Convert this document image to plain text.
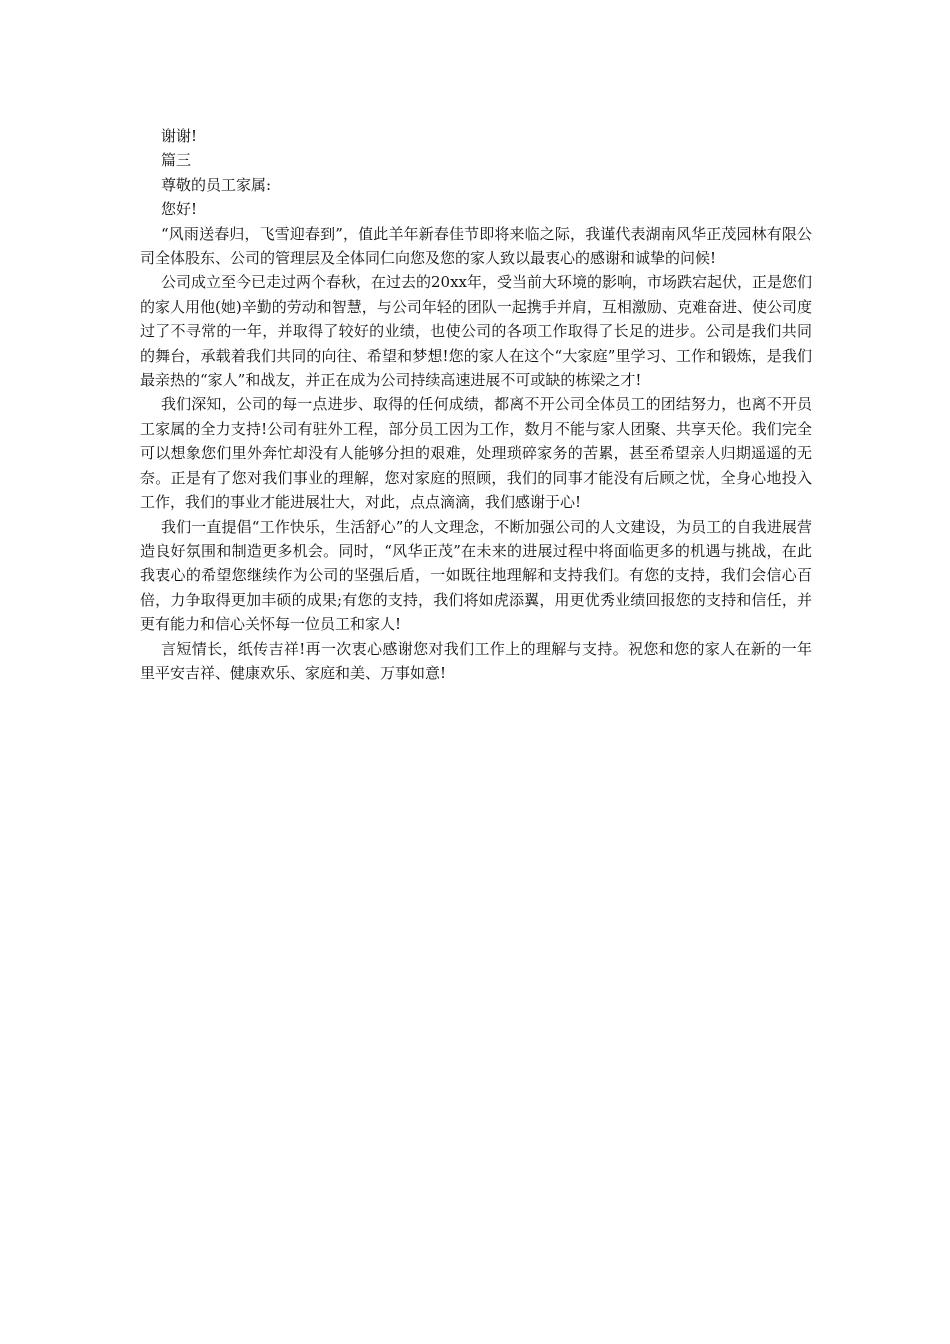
谢谢!

篇三

尊敬的员工家属:

您好!

“风雨送春归，飞雪迎春到”，值此羊年新春佳节即将来临之际，我谨代表湖南风华正茂园林有限公司全体股东、公司的管理层及全体同仁向您及您的家人致以最衷心的感谢和诚挚的问候!

公司成立至今已走过两个春秋，在过去的20xx年，受当前大环境的影响，市场跌宕起伏，正是您们的家人用他(她)辛勤的劳动和智慧，与公司年轻的团队一起携手并肩，互相激励、克难奋进、使公司度过了不寻常的一年，并取得了较好的业绩，也使公司的各项工作取得了长足的进步。公司是我们共同的舞台，承载着我们共同的向往、希望和梦想!您的家人在这个“大家庭”里学习、工作和锻炼，是我们最亲热的“家人”和战友，并正在成为公司持续高速进展不可或缺的栋梁之才!

我们深知，公司的每一点进步、取得的任何成绩，都离不开公司全体员工的团结努力，也离不开员工家属的全力支持!公司有驻外工程，部分员工因为工作，数月不能与家人团聚、共享天伦。我们完全可以想象您们里外奔忙却没有人能够分担的艰难，处理琐碎家务的苦累，甚至希望亲人归期遥遥的无奈。正是有了您对我们事业的理解，您对家庭的照顾，我们的同事才能没有后顾之忧，全身心地投入工作，我们的事业才能进展壮大，对此，点点滴滴，我们感谢于心!

我们一直提倡“工作快乐，生活舒心”的人文理念，不断加强公司的人文建设，为员工的自我进展营造良好氛围和制造更多机会。同时，“风华正茂”在未来的进展过程中将面临更多的机遇与挑战，在此我衷心的希望您继续作为公司的坚强后盾，一如既往地理解和支持我们。有您的支持，我们会信心百倍，力争取得更加丰硕的成果;有您的支持，我们将如虎添翼，用更优秀业绩回报您的支持和信任，并更有能力和信心关怀每一位员工和家人!

言短情长，纸传吉祥!再一次衷心感谢您对我们工作上的理解与支持。祝您和您的家人在新的一年里平安吉祥、健康欢乐、家庭和美、万事如意!
